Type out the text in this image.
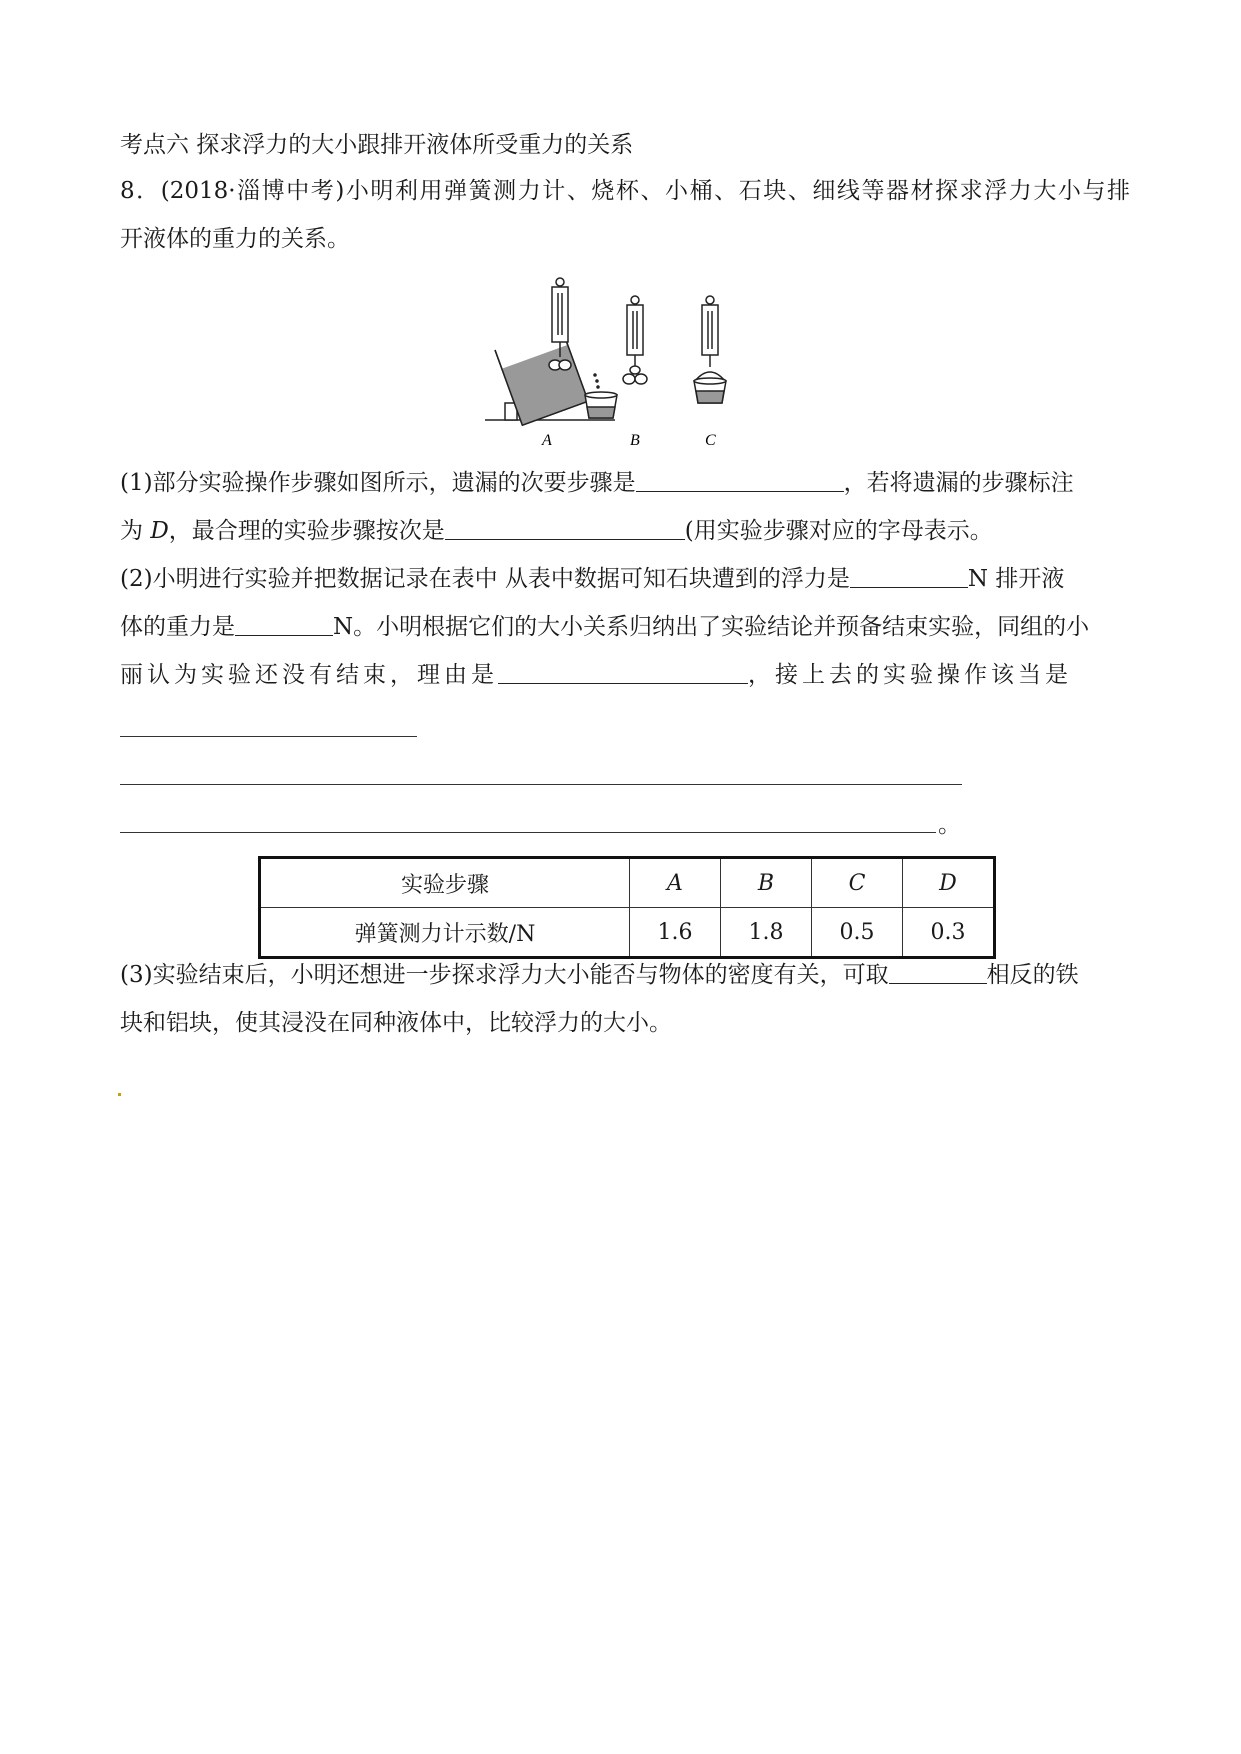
考点六 探求浮力的大小跟排开液体所受重力的关系
8．(2018·淄博中考)小明利用弹簧测力计、烧杯、小桶、石块、细线等器材探求浮力大小与排
开液体的重力的关系。
A	B	C
(1)部分实验操作步骤如图所示，遗漏的次要步骤是	，若将遗漏的步骤标注
为 D，最合理的实验步骤按次是	(用实验步骤对应的字母表示。
(2)小明进行实验并把数据记录在表中 从表中数据可知石块遭到的浮力是	N 排开液
体的重力是	N。小明根据它们的大小关系归纳出了实验结论并预备结束实验，同组的小
丽认为实验还没有结束，理由是	，接上去的实验操作该当是
。
实验步骤	A	B	C	D
弹簧测力计示数/N	1.6	1.8	0.5	0.3
(3)实验结束后，小明还想进一步探求浮力大小能否与物体的密度有关，可取	相反的铁
块和铝块，使其浸没在同种液体中，比较浮力的大小。
